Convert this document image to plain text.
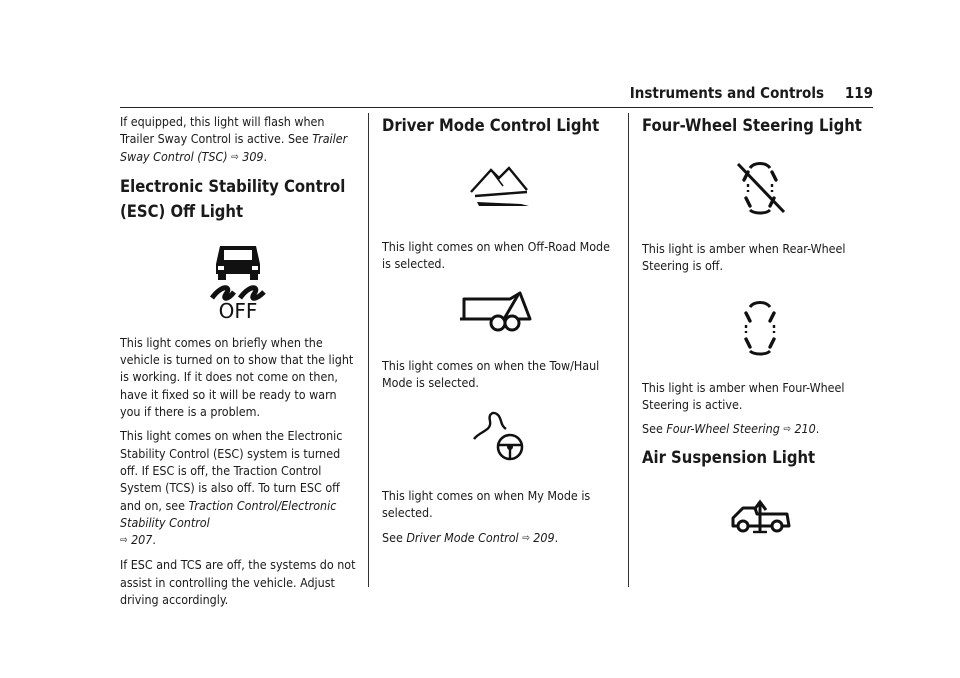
Instruments and Controls 119

If equipped, this light will flash when Trailer Sway Control is active. See Trailer Sway Control (TSC) ⇨ 309.

Electronic Stability Control (ESC) Off Light
OFF

This light comes on briefly when the vehicle is turned on to show that the light is working. If it does not come on then, have it fixed so it will be ready to warn you if there is a problem.

This light comes on when the Electronic Stability Control (ESC) system is turned off. If ESC is off, the Traction Control System (TCS) is also off. To turn ESC off and on, see Traction Control/Electronic Stability Control
⇨ 207.

If ESC and TCS are off, the systems do not assist in controlling the vehicle. Adjust driving accordingly.

Driver Mode Control Light

This light comes on when Off-Road Mode is selected.

This light comes on when the Tow/Haul Mode is selected.

This light comes on when My Mode is selected.

See Driver Mode Control ⇨ 209.

Four-Wheel Steering Light

This light is amber when Rear-Wheel Steering is off.

This light is amber when Four-Wheel Steering is active.

See Four-Wheel Steering ⇨ 210.

Air Suspension Light
